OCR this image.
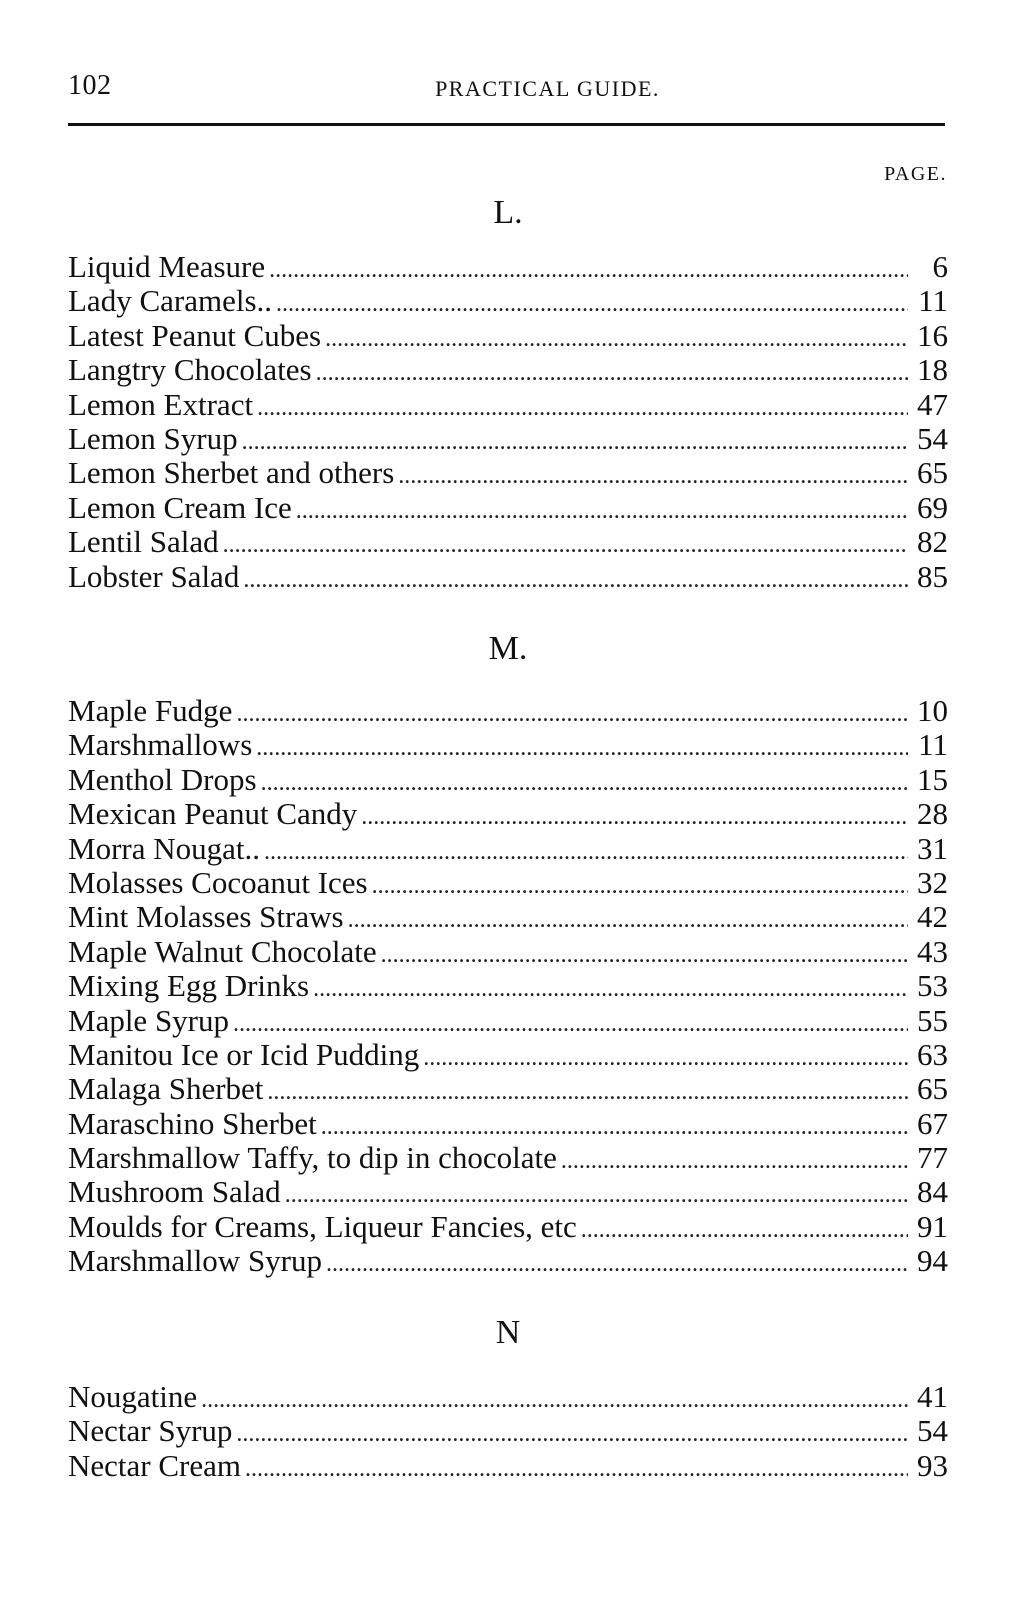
102	PRACTICAL GUIDE.
PAGE.
L.
Liquid Measure . . .	6
Lady Caramels.. . . .	11
Latest Peanut Cubes . . .	16
Langtry Chocolates . . .	18
Lemon Extract . . .	47
Lemon Syrup . . .	54
Lemon Sherbet and others . . .	65
Lemon Cream Ice . . .	69
Lentil Salad . . .	82
Lobster Salad . . .	85
M.
Maple Fudge . . .	10
Marshmallows . . .	11
Menthol Drops . . .	15
Mexican Peanut Candy . . .	28
Morra Nougat.. . . .	31
Molasses Cocoanut Ices . . .	32
Mint Molasses Straws . . .	42
Maple Walnut Chocolate . . .	43
Mixing Egg Drinks . . .	53
Maple Syrup . . .	55
Manitou Ice or Icid Pudding . . .	63
Malaga Sherbet . . .	65
Maraschino Sherbet . . .	67
Marshmallow Taffy, to dip in chocolate . . .	77
Mushroom Salad . . .	84
Moulds for Creams, Liqueur Fancies, etc . . .	91
Marshmallow Syrup . . .	94
N
Nougatine . . .	41
Nectar Syrup . . .	54
Nectar Cream . . .	93
